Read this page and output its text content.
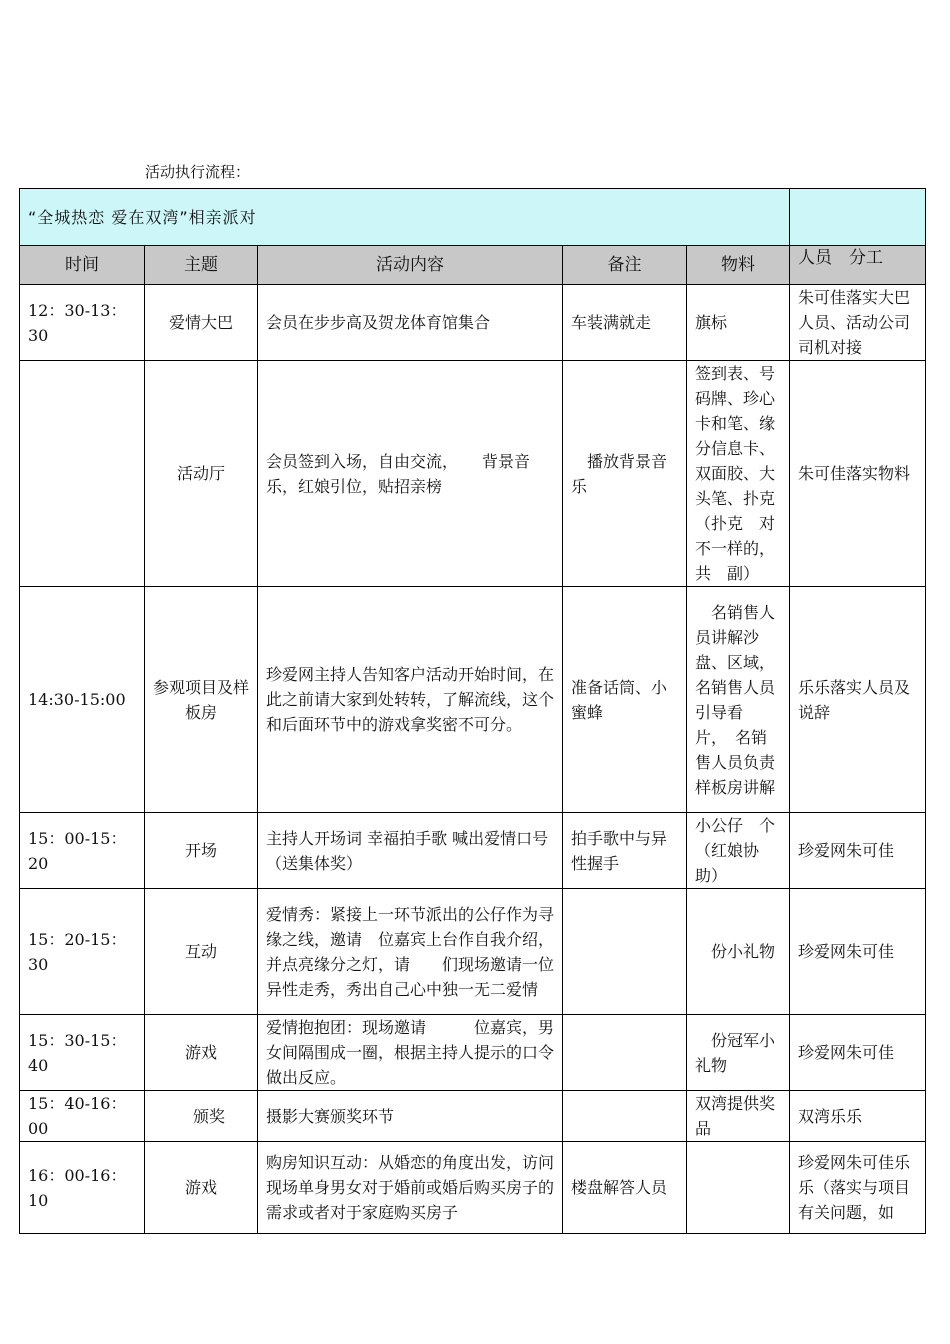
活动执行流程：
“全城热恋 爱在双湾”相亲派对					
时间	主题	活动内容	备注	物料	人员　分工
12：30-13：30	爱情大巴	会员在步步高及贺龙体育馆集合	车装满就走	旗标	朱可佳落实大巴人员、活动公司司机对接
	活动厅	会员签到入场，自由交流，　　背景音乐，红娘引位，贴招亲榜	　播放背景音乐	签到表、号码牌、珍心卡和笔、缘分信息卡、双面胶、大头笔、扑克（扑克　对不一样的，共　副）	朱可佳落实物料
14:30-15:00	参观项目及样板房	珍爱网主持人告知客户活动开始时间，在此之前请大家到处转转，了解流线，这个和后面环节中的游戏拿奖密不可分。	准备话筒、小蜜蜂	　名销售人员讲解沙盘、区域，　名销售人员引导看　片，　名销售人员负责样板房讲解	乐乐落实人员及说辞
15：00-15：20	开场	主持人开场词 幸福拍手歌 喊出爱情口号（送集体奖）	拍手歌中与异性握手	小公仔　个（红娘协助）	珍爱网朱可佳
15：20-15：30	互动	爱情秀：紧接上一环节派出的公仔作为寻缘之线，邀请　位嘉宾上台作自我介绍，并点亮缘分之灯，请　　们现场邀请一位异性走秀，秀出自己心中独一无二爱情		　份小礼物	珍爱网朱可佳
15：30-15：40	游戏	爱情抱抱团：现场邀请　　　位嘉宾，男女间隔围成一圈，根据主持人提示的口令做出反应。		　份冠军小礼物	珍爱网朱可佳
15：40-16：00	　颁奖	摄影大赛颁奖环节		双湾提供奖品	双湾乐乐
16：00-16：10	游戏	购房知识互动：从婚恋的角度出发，访问现场单身男女对于婚前或婚后购买房子的需求或者对于家庭购买房子	楼盘解答人员		珍爱网朱可佳乐乐（落实与项目有关问题，如
